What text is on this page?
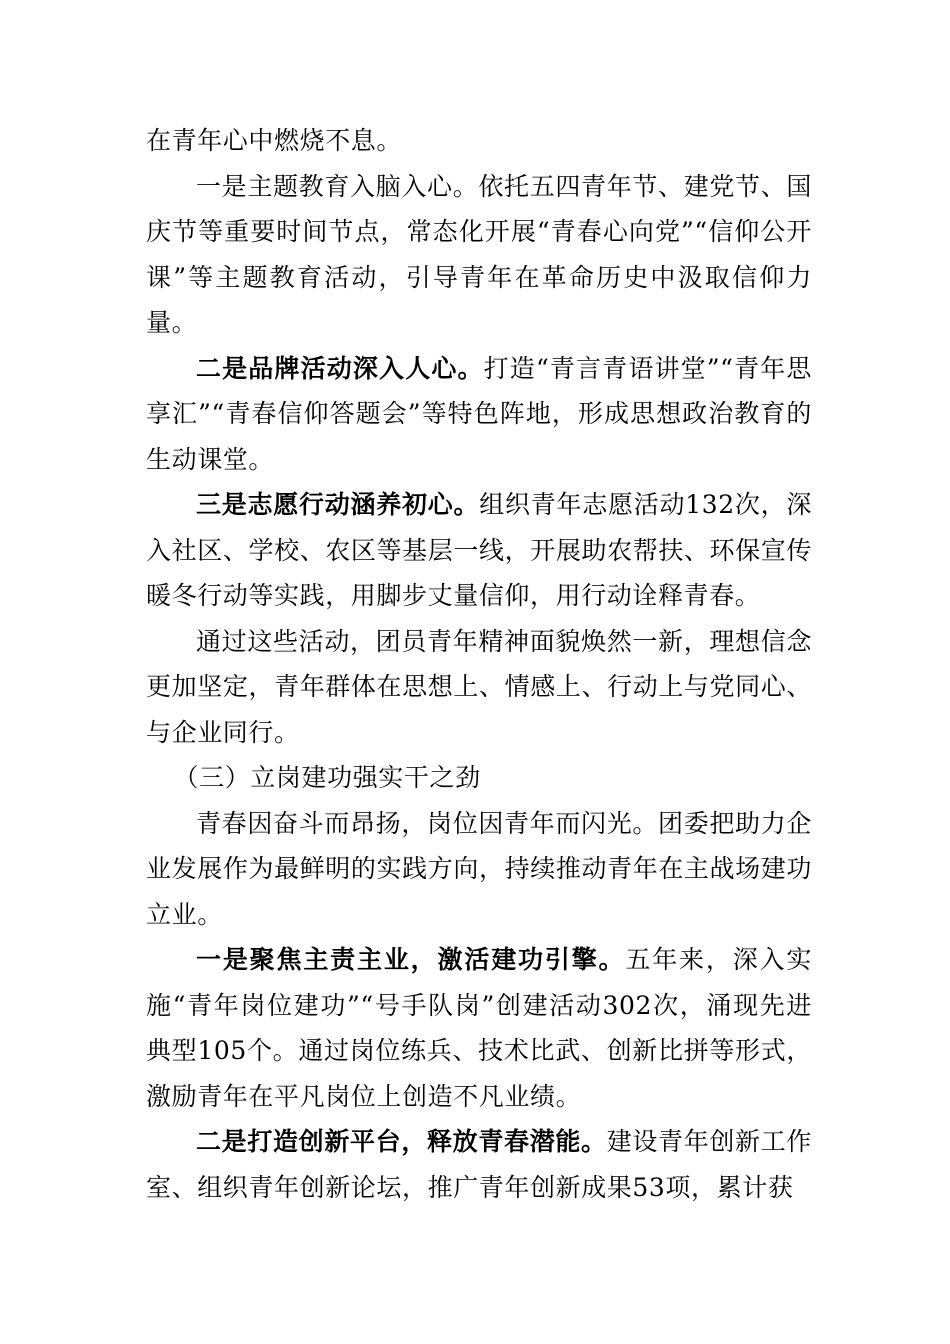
在青年心中燃烧不息。

一是主题教育入脑入心。依托五四青年节、建党节、国庆节等重要时间节点，常态化开展“青春心向党”“信仰公开课”等主题教育活动，引导青年在革命历史中汲取信仰力量。

二是品牌活动深入人心。打造“青言青语讲堂”“青年思享汇”“青春信仰答题会”等特色阵地，形成思想政治教育的生动课堂。

三是志愿行动涵养初心。组织青年志愿活动132次，深入社区、学校、农区等基层一线，开展助农帮扶、环保宣传暖冬行动等实践，用脚步丈量信仰，用行动诠释青春。

通过这些活动，团员青年精神面貌焕然一新，理想信念更加坚定，青年群体在思想上、情感上、行动上与党同心、与企业同行。

（三）立岗建功强实干之劲

青春因奋斗而昂扬，岗位因青年而闪光。团委把助力企业发展作为最鲜明的实践方向，持续推动青年在主战场建功立业。

一是聚焦主责主业，激活建功引擎。五年来，深入实施“青年岗位建功”“号手队岗”创建活动302次，涌现先进典型105个。通过岗位练兵、技术比武、创新比拼等形式，激励青年在平凡岗位上创造不凡业绩。

二是打造创新平台，释放青春潜能。建设青年创新工作室、组织青年创新论坛，推广青年创新成果53项，累计获
